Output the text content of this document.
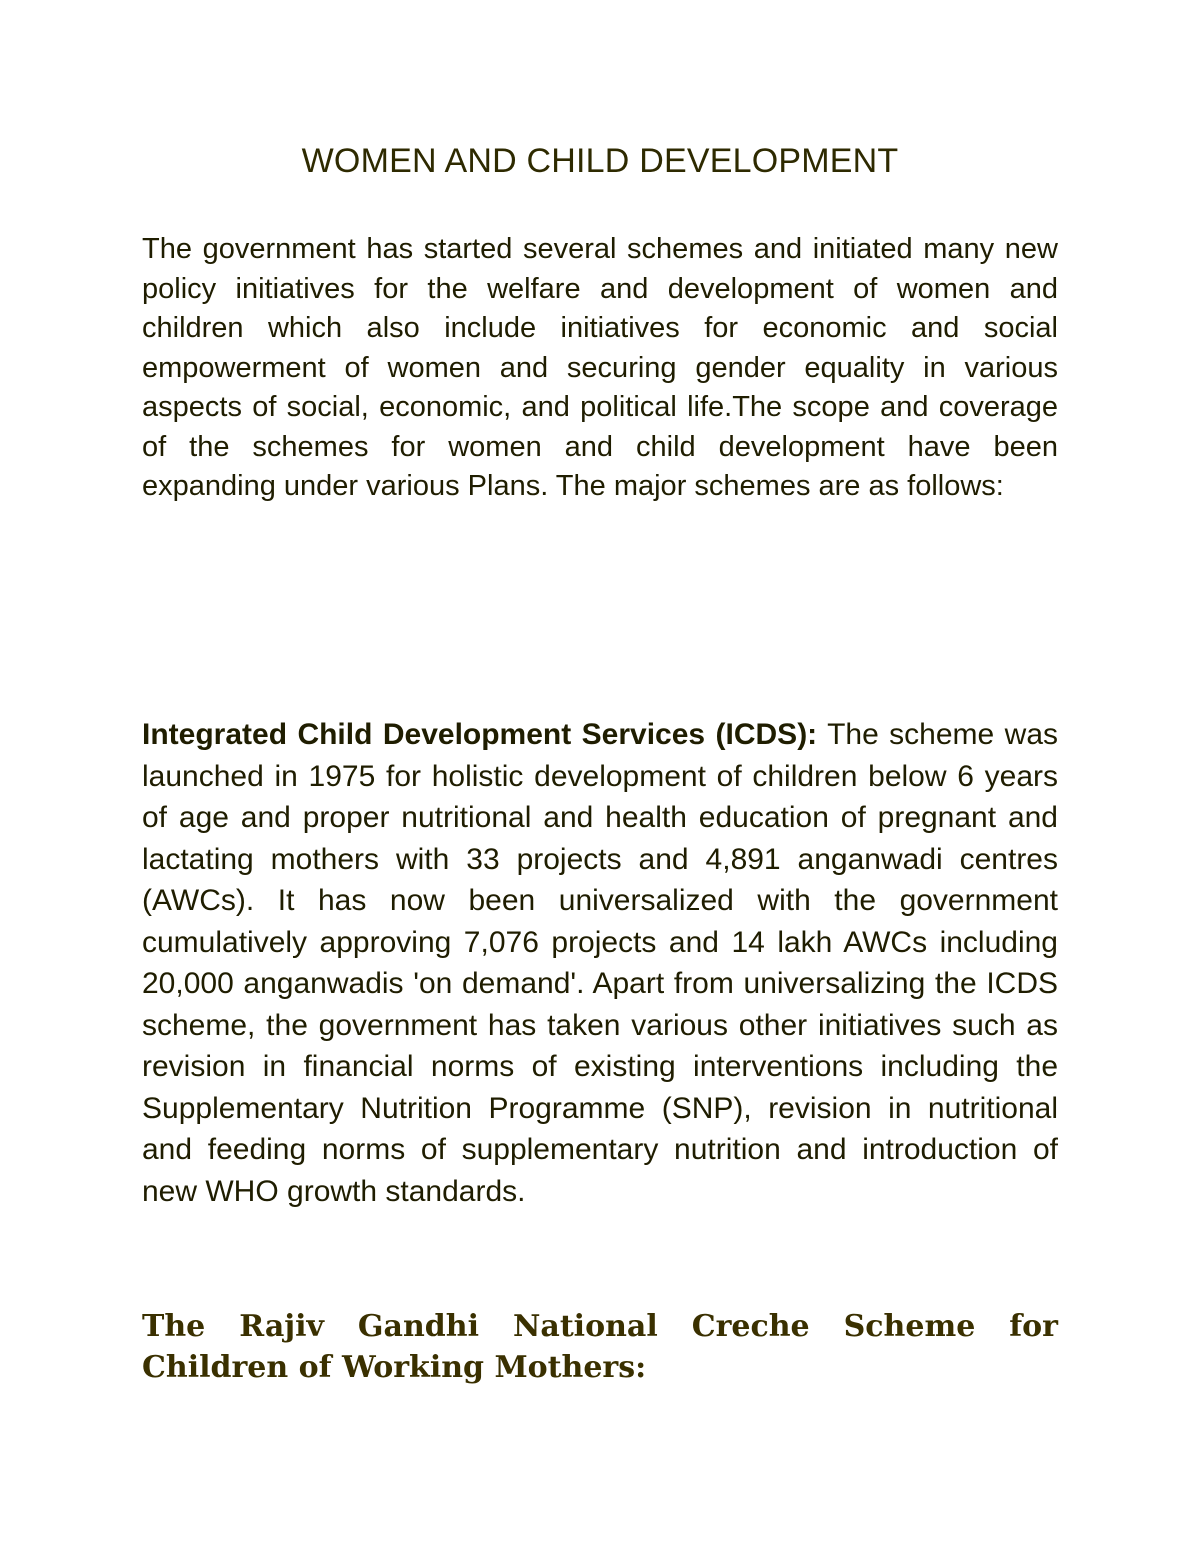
WOMEN AND CHILD DEVELOPMENT

The government has started several schemes and initiated many new policy initiatives for the welfare and development of women and children which also include initiatives for economic and social empowerment of women and securing gender equality in various aspects of social, economic, and political life.The scope and coverage of the schemes for women and child development have been expanding under various Plans. The major schemes are as follows:

Integrated Child Development Services (ICDS): The scheme was launched in 1975 for holistic development of children below 6 years of age and proper nutritional and health education of pregnant and lactating mothers with 33 projects and 4,891 anganwadi centres (AWCs). It has now been universalized with the government cumulatively approving 7,076 projects and 14 lakh AWCs including 20,000 anganwadis 'on demand'. Apart from universalizing the ICDS scheme, the government has taken various other initiatives such as revision in financial norms of existing interventions including the Supplementary Nutrition Programme (SNP), revision in nutritional and feeding norms of supplementary nutrition and introduction of new WHO growth standards.

The Rajiv Gandhi National Creche Scheme for Children of Working Mothers:
